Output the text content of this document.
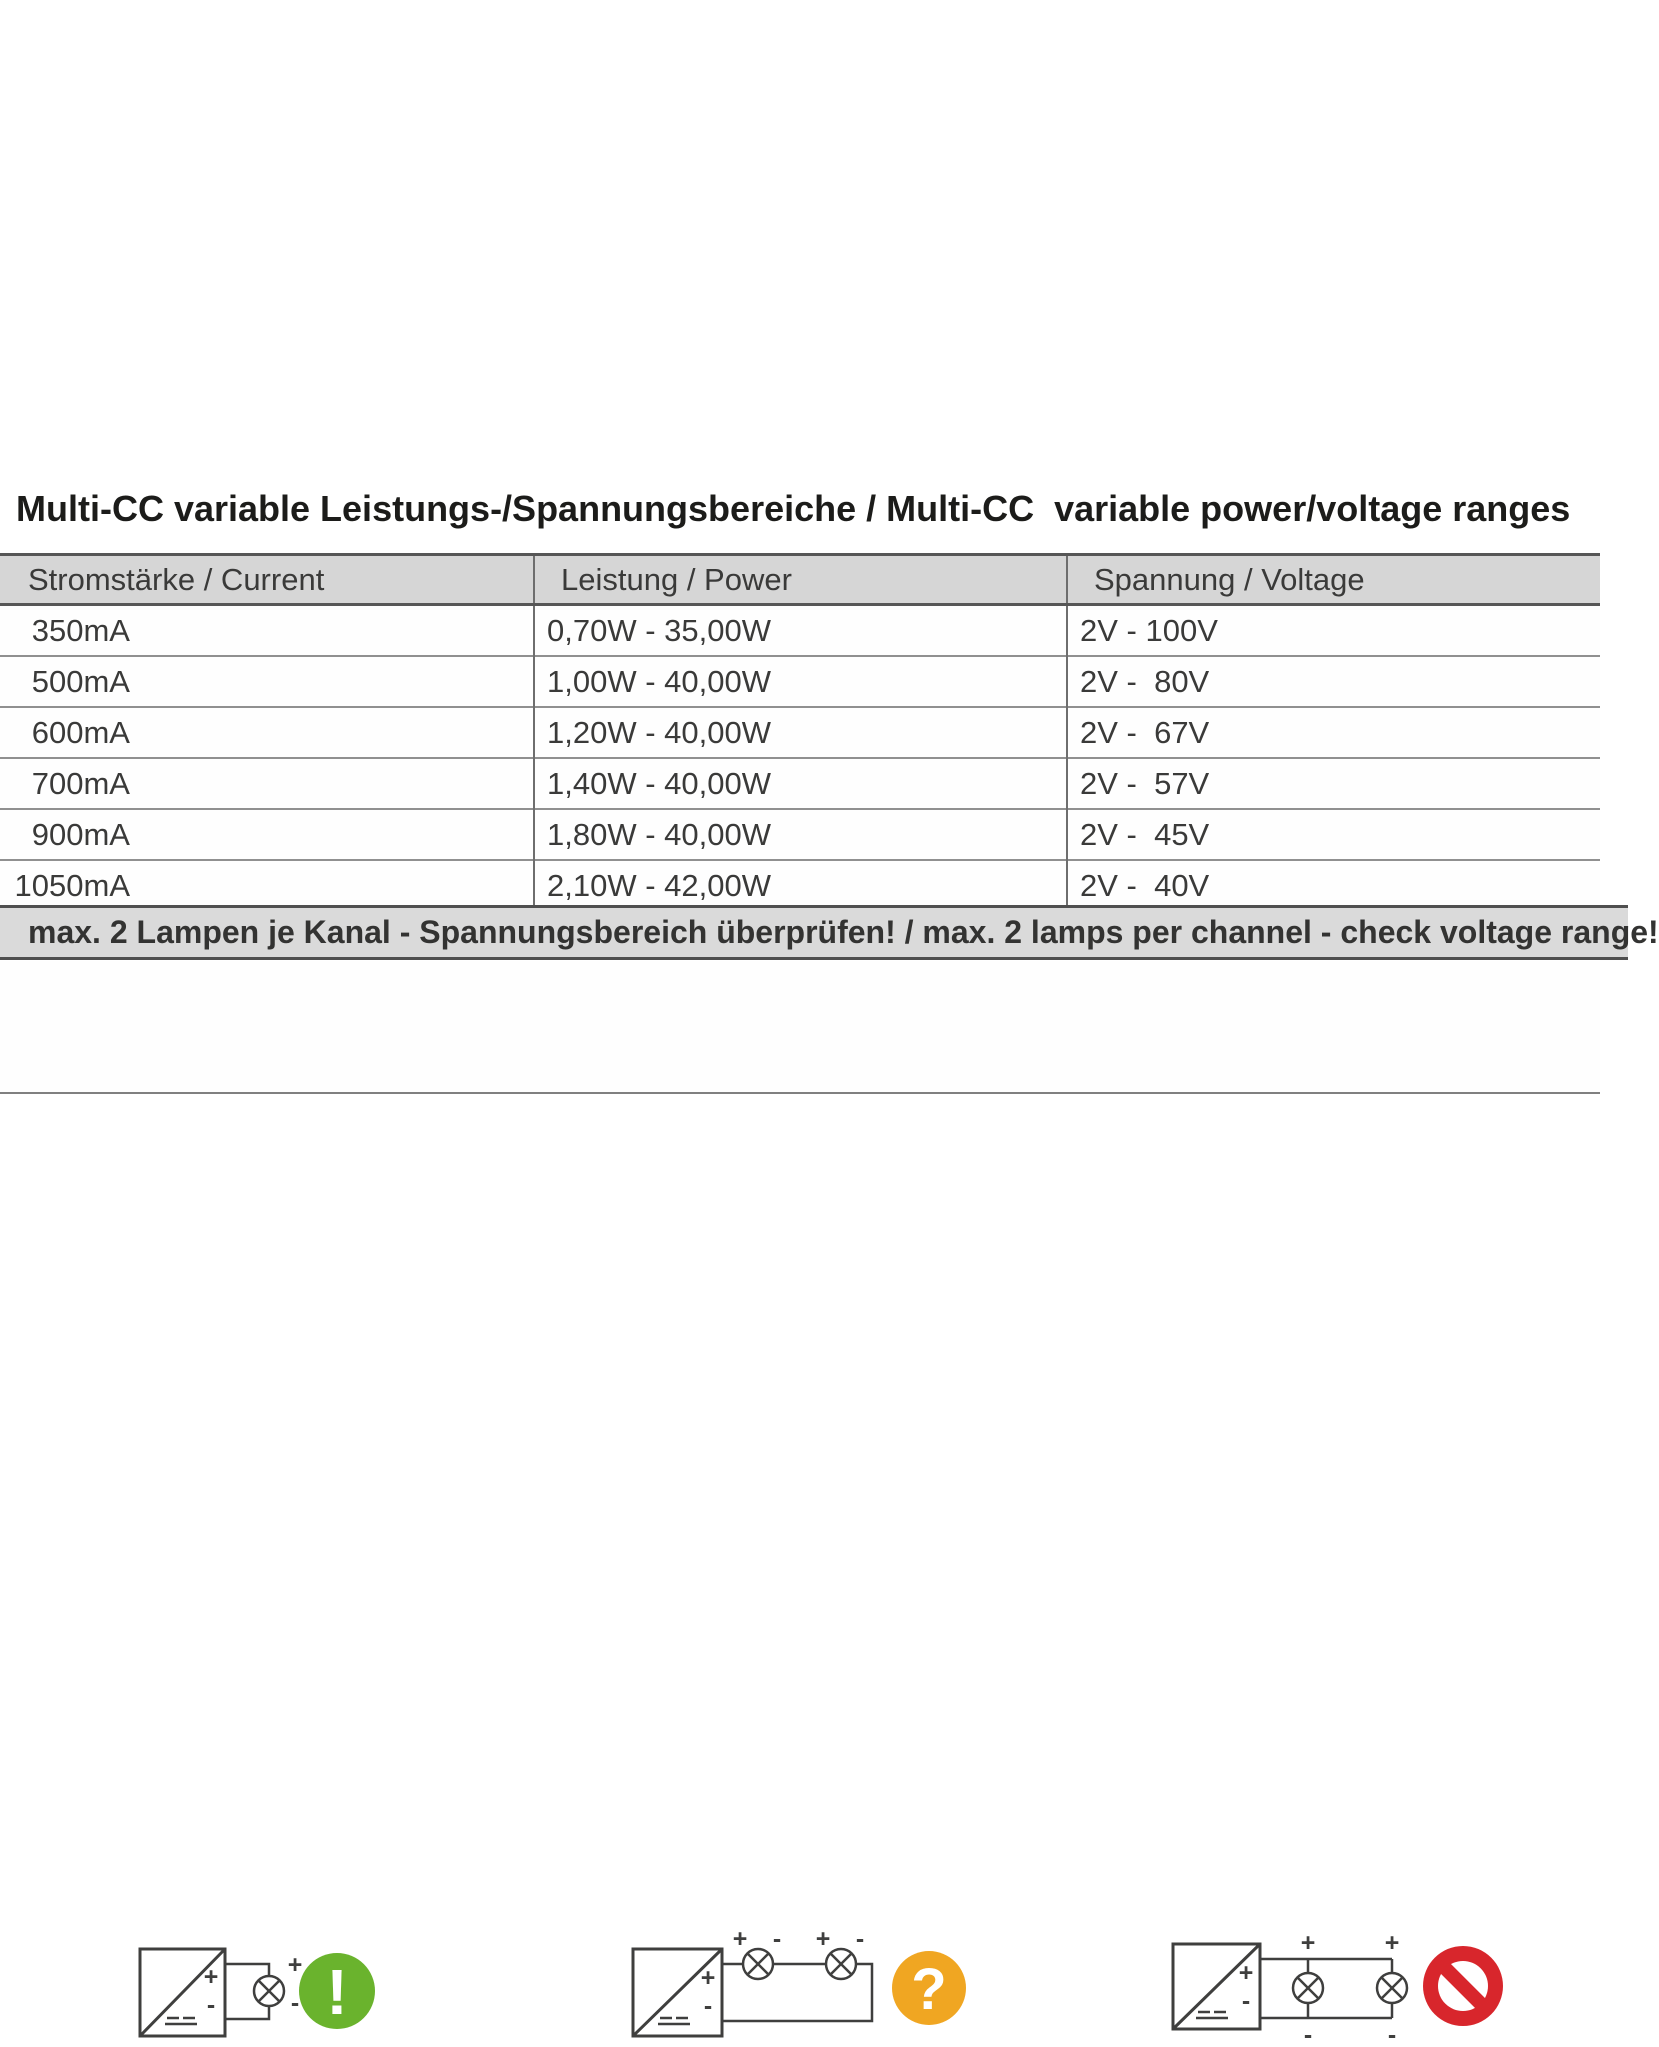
Multi-CC variable Leistungs-/Spannungsbereiche / Multi-CC  variable power/voltage ranges
Stromstärke / Current	Leistung / Power	Spannung / Voltage
350mA	0,70W - 35,00W	2V - 100V
500mA	1,00W - 40,00W	2V -  80V
600mA	1,20W - 40,00W	2V -  67V
700mA	1,40W - 40,00W	2V -  57V
900mA	1,80W - 40,00W	2V -  45V
1050mA	2,10W - 42,00W	2V -  40V
max. 2 Lampen je Kanal - Spannungsbereich überprüfen! / max. 2 lamps per channel - check voltage range!
+
-
+
- !	+
-
+ - + -
?	+
-
+	+
-	-
